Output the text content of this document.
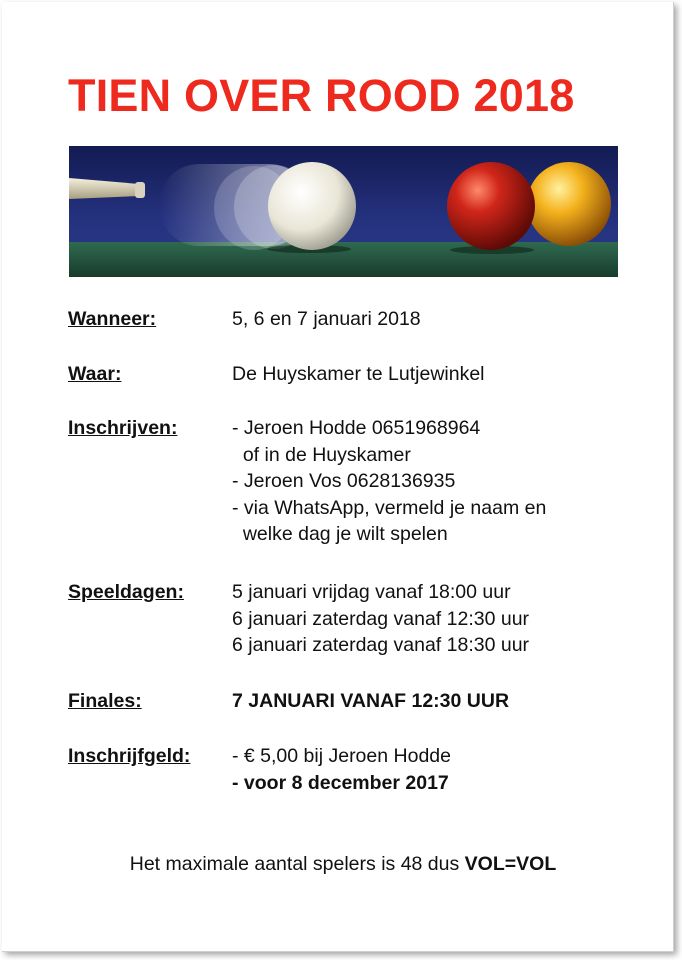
TIEN OVER ROOD 2018
Wanneer:	5, 6 en 7 januari 2018
Waar:	De Huyskamer te Lutjewinkel
Inschrijven:	- Jeroen Hodde 0651968964
of in de Huyskamer
- Jeroen Vos 0628136935
- via WhatsApp, vermeld je naam en
welke dag je wilt spelen
Speeldagen: 5 januari vrijdag vanaf 18:00 uur
6 januari zaterdag vanaf 12:30 uur
6 januari zaterdag vanaf 18:30 uur
Finales:	7 JANUARI VANAF 12:30 UUR
Inschrijfgeld: - € 5,00 bij Jeroen Hodde
- voor 8 december 2017
Het maximale aantal spelers is 48 dus VOL=VOL
